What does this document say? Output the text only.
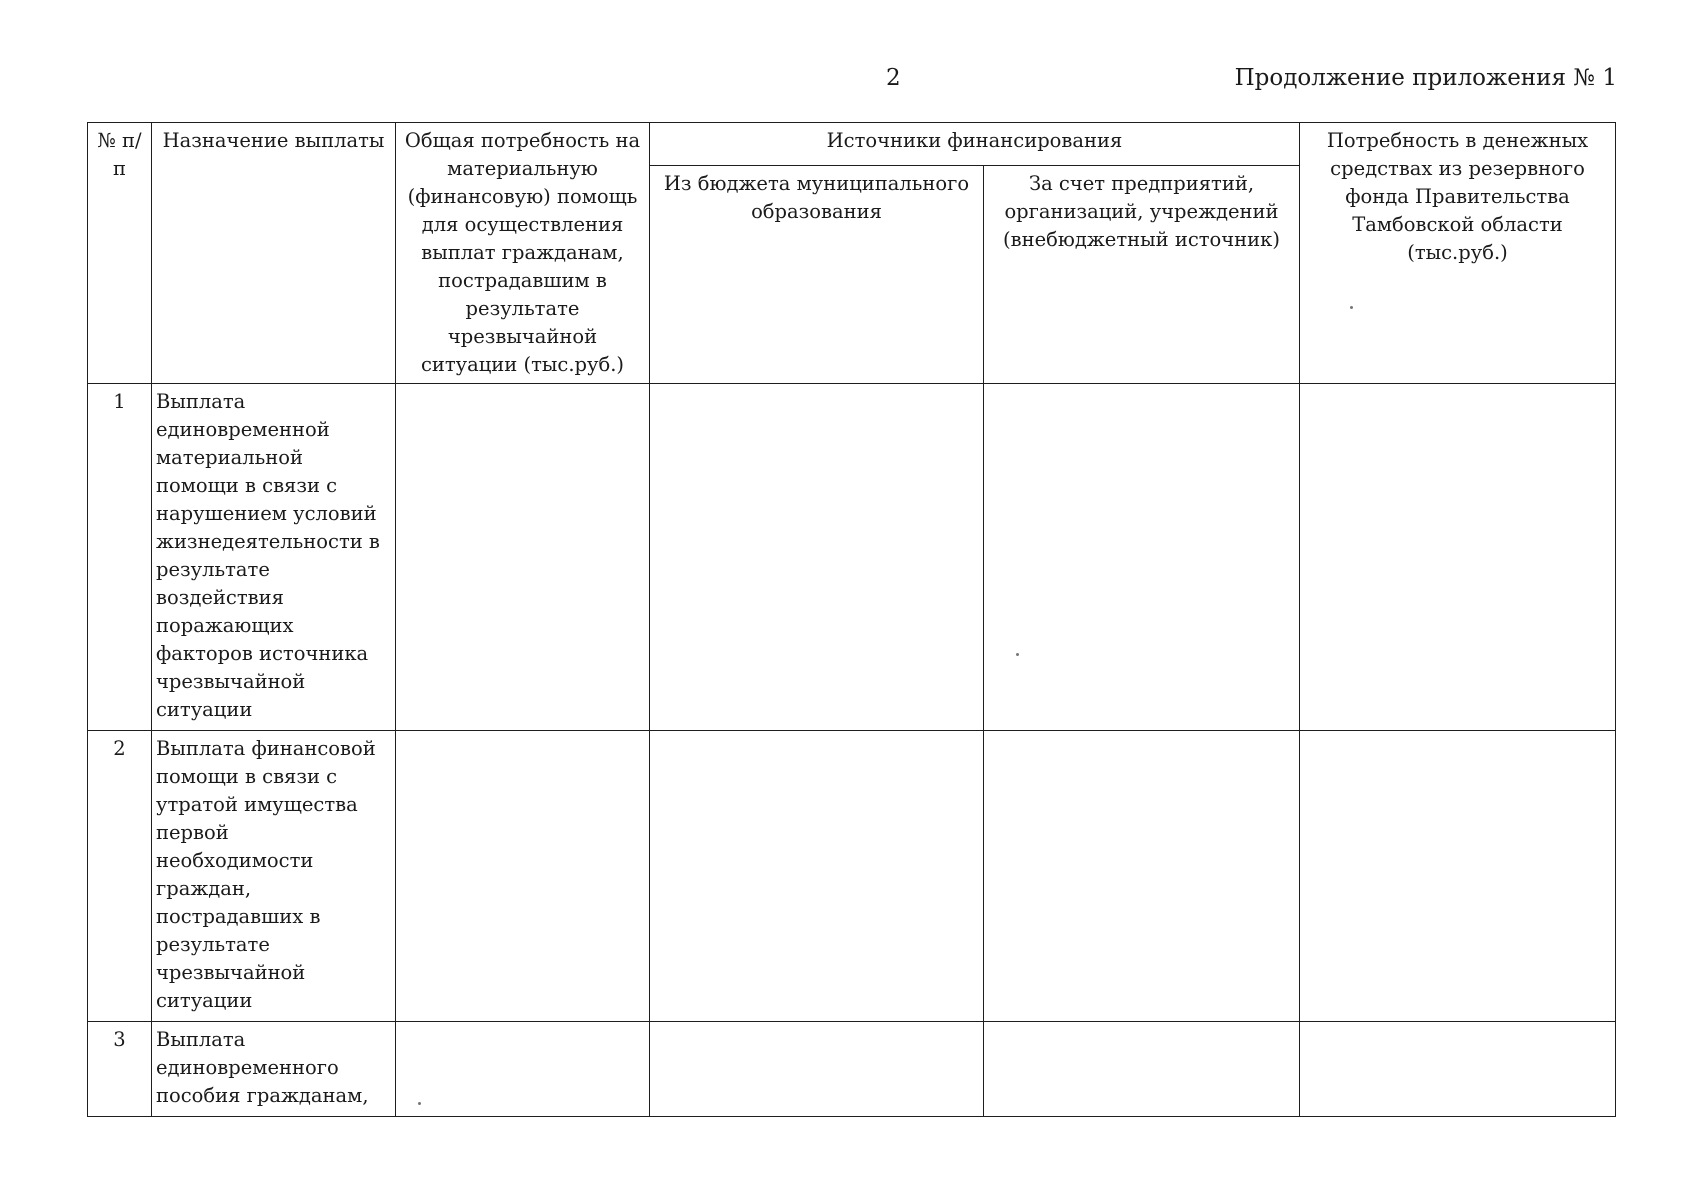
2	Продолжение приложения № 1
№ п/п	Назначение выплаты	Общая потребность на материальную (финансовую) помощь для осуществления выплат гражданам, пострадавшим в результате чрезвычайной ситуации (тыс.руб.)	Источники финансирования		Потребность в денежных средствах из резервного фонда Правительства Тамбовской области (тыс.руб.)
			Из бюджета муниципального образования	За счет предприятий, организаций, учреждений (внебюджетный источник)	
1	Выплата единовременной материальной помощи в связи с нарушением условий жизнедеятельности в результате воздействия поражающих факторов источника чрезвычайной ситуации				
2	Выплата финансовой помощи в связи с утратой имущества первой необходимости граждан, пострадавших в результате чрезвычайной ситуации				
3	Выплата единовременного пособия гражданам,				
